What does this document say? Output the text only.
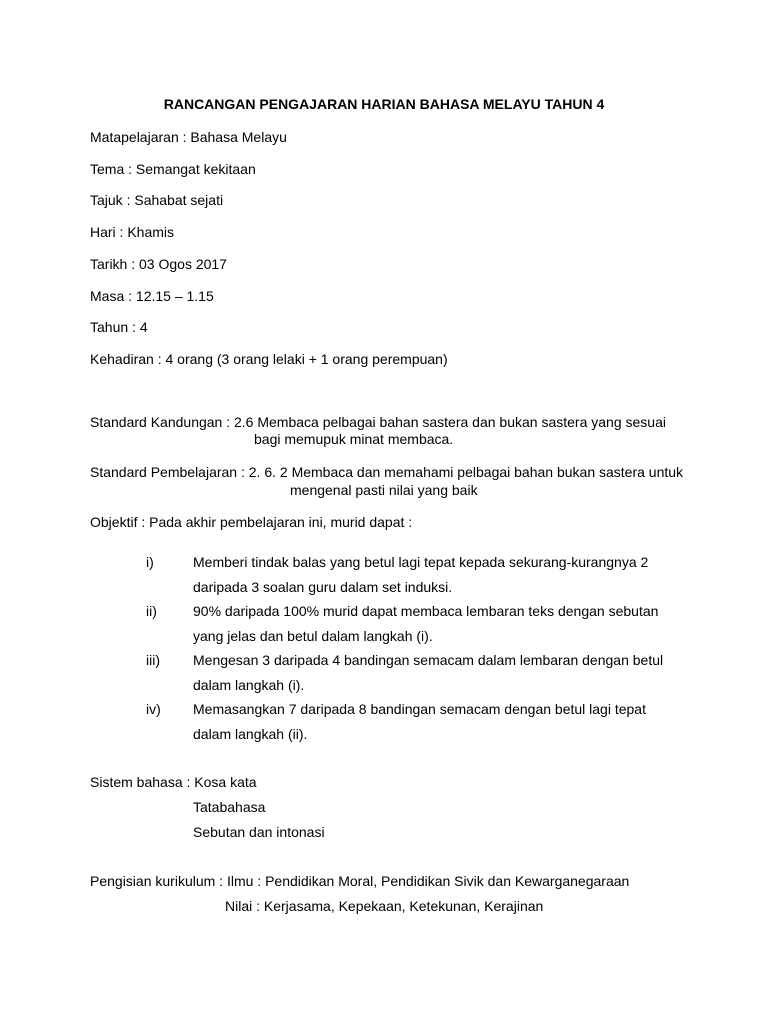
RANCANGAN PENGAJARAN HARIAN BAHASA MELAYU TAHUN 4
Matapelajaran : Bahasa Melayu
Tema : Semangat kekitaan
Tajuk : Sahabat sejati
Hari : Khamis
Tarikh : 03 Ogos 2017
Masa : 12.15 – 1.15
Tahun : 4
Kehadiran : 4 orang (3 orang lelaki + 1 orang perempuan)
Standard Kandungan : 2.6 Membaca pelbagai bahan sastera dan bukan sastera yang sesuai
bagi memupuk minat membaca.
Standard Pembelajaran : 2. 6. 2 Membaca dan memahami pelbagai bahan bukan sastera untuk
mengenal pasti nilai yang baik
Objektif : Pada akhir pembelajaran ini, murid dapat :
i)	Memberi tindak balas yang betul lagi tepat kepada sekurang-kurangnya 2
daripada 3 soalan guru dalam set induksi.
ii)	90% daripada 100% murid dapat membaca lembaran teks dengan sebutan
yang jelas dan betul dalam langkah (i).
iii)	Mengesan 3 daripada 4 bandingan semacam dalam lembaran dengan betul
dalam langkah (i).
iv)	Memasangkan 7 daripada 8 bandingan semacam dengan betul lagi tepat
dalam langkah (ii).
Sistem bahasa : Kosa kata
Tatabahasa
Sebutan dan intonasi
Pengisian kurikulum : Ilmu : Pendidikan Moral, Pendidikan Sivik dan Kewarganegaraan
Nilai : Kerjasama, Kepekaan, Ketekunan, Kerajinan
